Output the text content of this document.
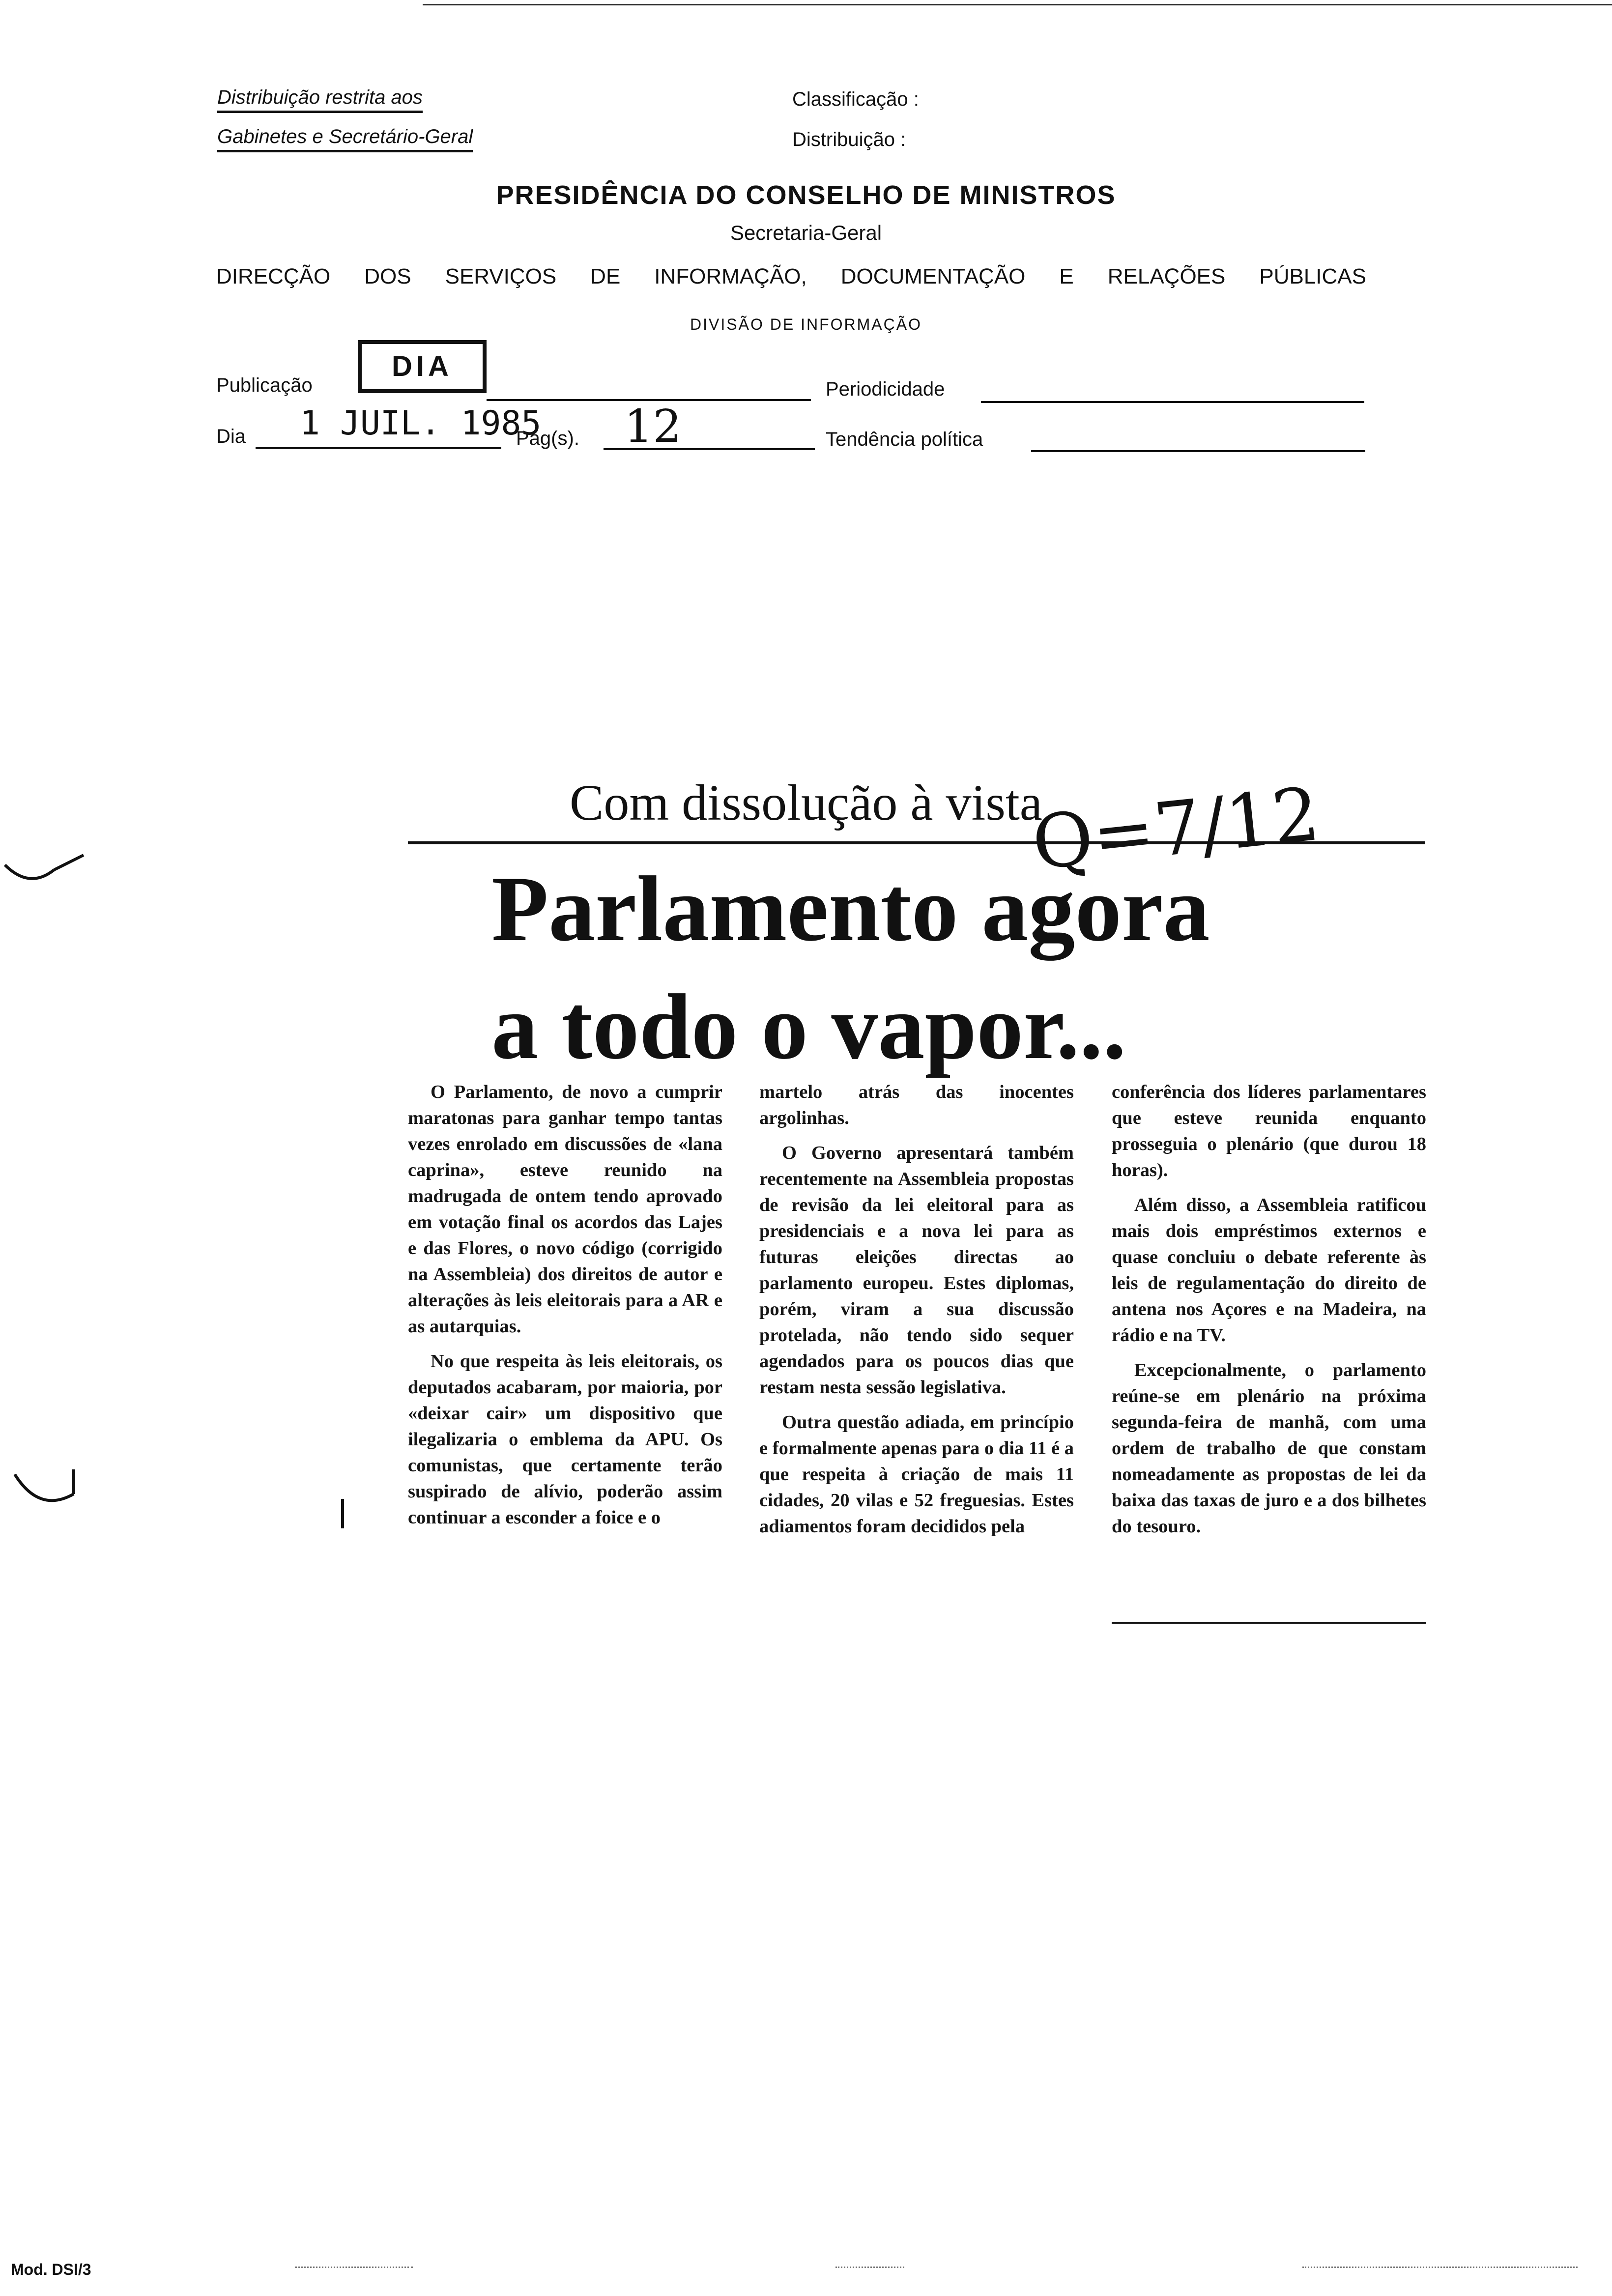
Distribuição restrita aos
Gabinetes e Secretário-Geral
Classificação :
Distribuição :
PRESIDÊNCIA DO CONSELHO DE MINISTROS
Secretaria-Geral
DIRECÇÃO DOS SERVIÇOS DE INFORMAÇÃO, DOCUMENTAÇÃO E RELAÇÕES PÚBLICAS
DIVISÃO DE INFORMAÇÃO
Publicação
DIA
Periodicidade
Dia 1 JUIL. 1985
Pág(s). 12	Tendência política
Com dissolução à vista
Parlamento agora
a todo o vapor...
Q=7/12

O Parlamento, de novo a cumprir maratonas para ganhar tempo tantas vezes enrolado em discussões de «lana caprina», esteve reunido na madrugada de ontem tendo aprovado em votação final os acordos das Lajes e das Flores, o novo código (corrigido na Assembleia) dos direitos de autor e alterações às leis eleitorais para a AR e as autarquias.

No que respeita às leis eleitorais, os deputados acabaram, por maioria, por «deixar cair» um dispositivo que ilegalizaria o emblema da APU. Os comunistas, que certamente terão suspirado de alívio, poderão assim continuar a esconder a foice e o

martelo atrás das inocentes argolinhas.

O Governo apresentará também recentemente na Assembleia propostas de revisão da lei eleitoral para as presidenciais e a nova lei para as futuras eleições directas ao parlamento europeu. Estes diplomas, porém, viram a sua discussão protelada, não tendo sido sequer agendados para os poucos dias que restam nesta sessão legislativa.

Outra questão adiada, em princípio e formalmente apenas para o dia 11 é a que respeita à criação de mais 11 cidades, 20 vilas e 52 freguesias. Estes adiamentos foram decididos pela

conferência dos líderes parlamentares que esteve reunida enquanto prosseguia o plenário (que durou 18 horas).

Além disso, a Assembleia ratificou mais dois empréstimos externos e quase concluiu o debate referente às leis de regulamentação do direito de antena nos Açores e na Madeira, na rádio e na TV.

Excepcionalmente, o parlamento reúne-se em plenário na próxima segunda-feira de manhã, com uma ordem de trabalho de que constam nomeadamente as propostas de lei da baixa das taxas de juro e a dos bilhetes do tesouro.

Mod. DSI/3
